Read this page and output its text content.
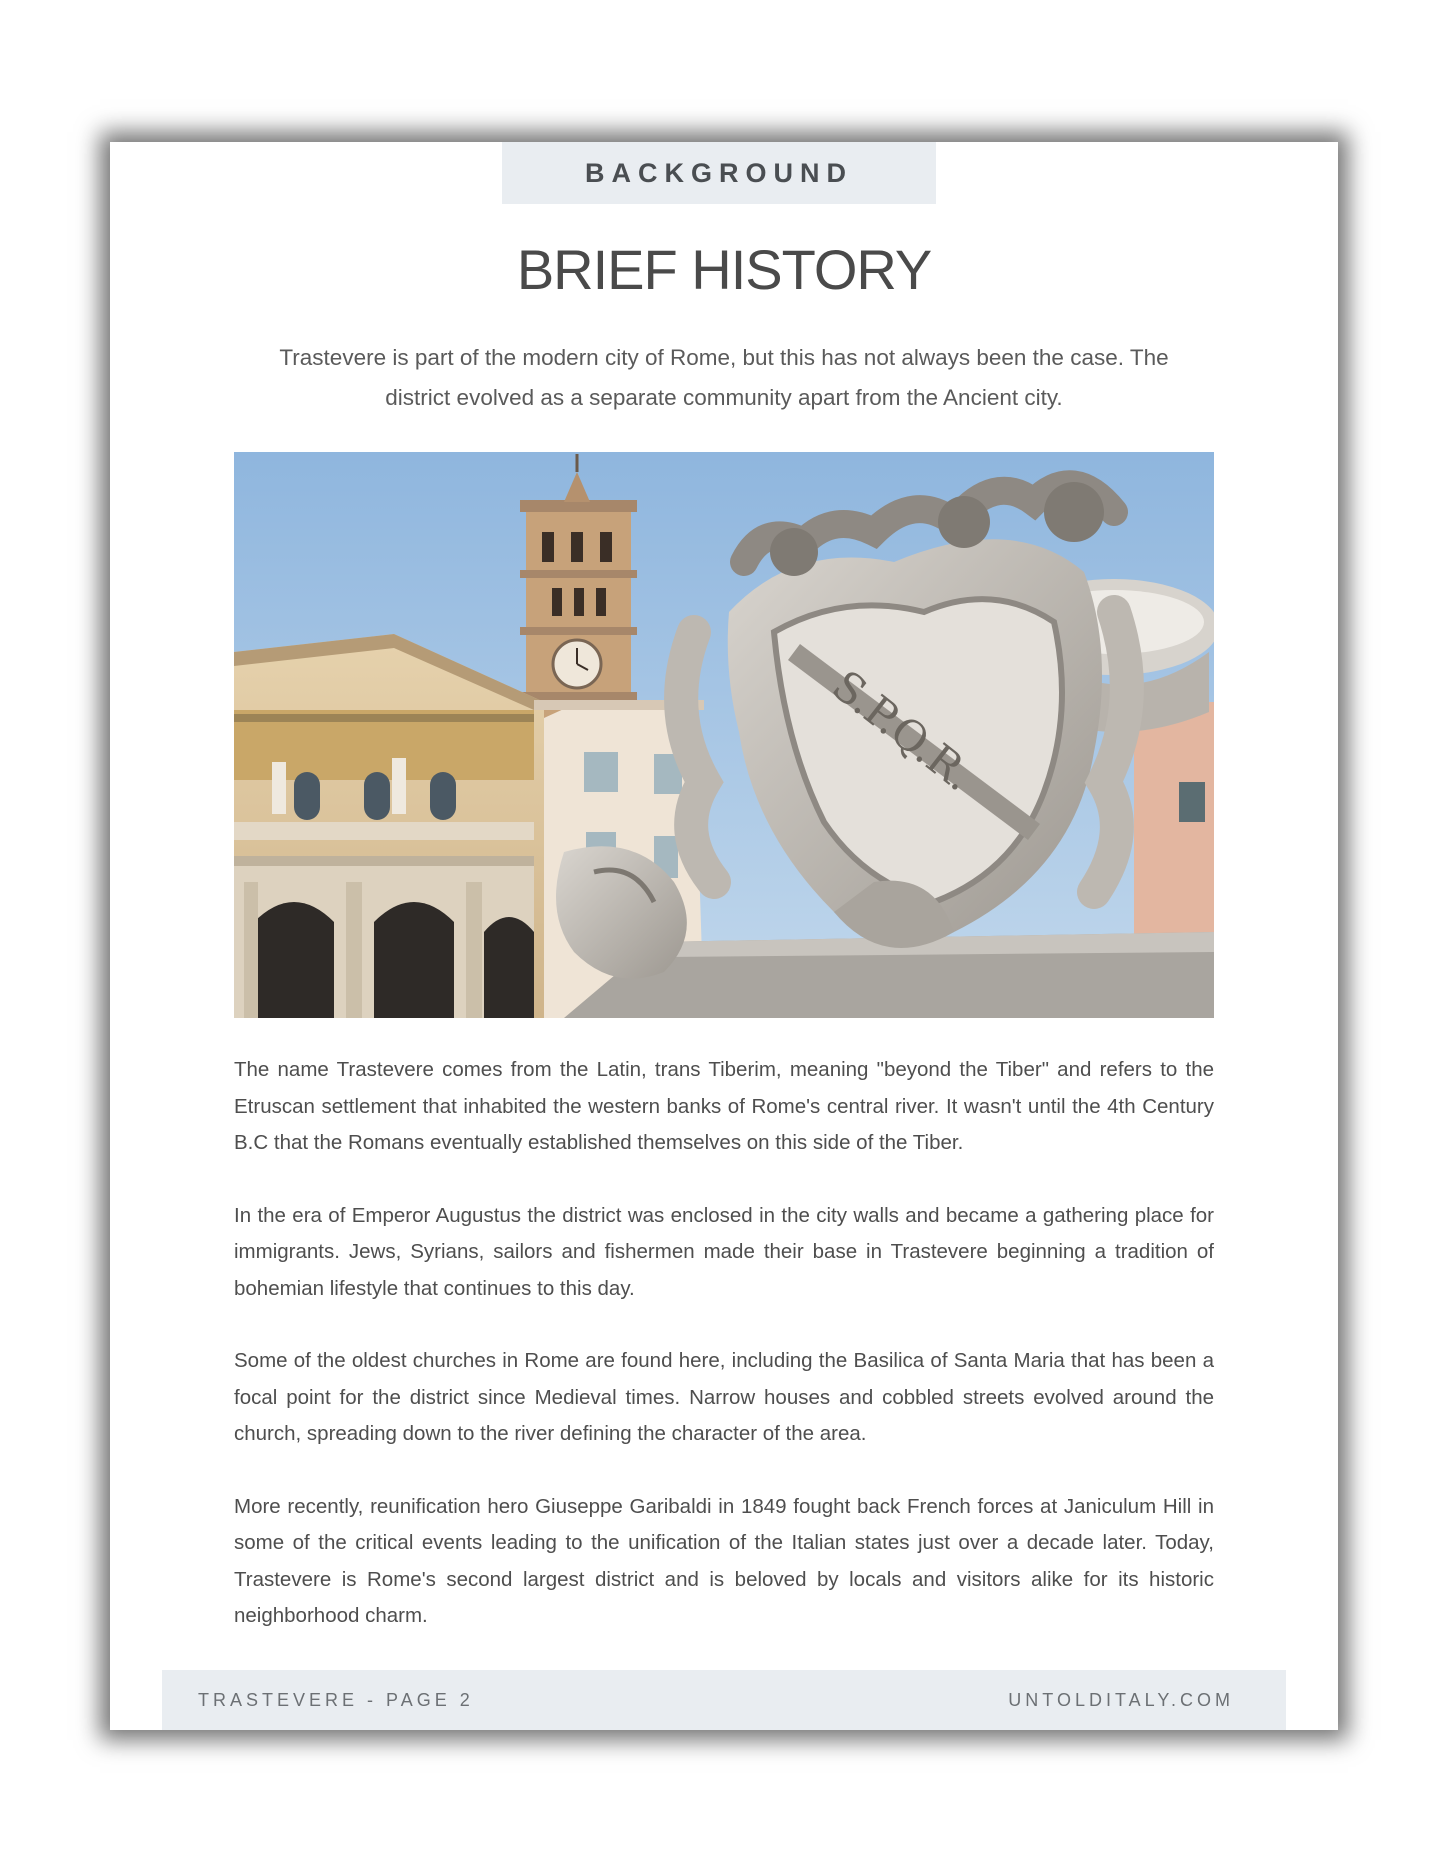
BACKGROUND
BRIEF HISTORY
Trastevere is part of the modern city of Rome, but this has not always been the case. The district evolved as a separate community apart from the Ancient city.
S.P.Q.R.

The name Trastevere comes from the Latin, trans Tiberim, meaning "beyond the Tiber" and refers to the Etruscan settlement that inhabited the western banks of Rome's central river. It wasn't until the 4th Century B.C that the Romans eventually established themselves on this side of the Tiber.

In the era of Emperor Augustus the district was enclosed in the city walls and became a gathering place for immigrants. Jews, Syrians, sailors and fishermen made their base in Trastevere beginning a tradition of bohemian lifestyle that continues to this day.

Some of the oldest churches in Rome are found here, including the Basilica of Santa Maria that has been a focal point for the district since Medieval times. Narrow houses and cobbled streets evolved around the church, spreading down to the river defining the character of the area.

More recently, reunification hero Giuseppe Garibaldi in 1849 fought back French forces at Janiculum Hill in some of the critical events leading to the unification of the Italian states just over a decade later. Today, Trastevere is Rome's second largest district and is beloved by locals and visitors alike for its historic neighborhood charm.

TRASTEVERE - PAGE 2	UNTOLDITALY.COM
